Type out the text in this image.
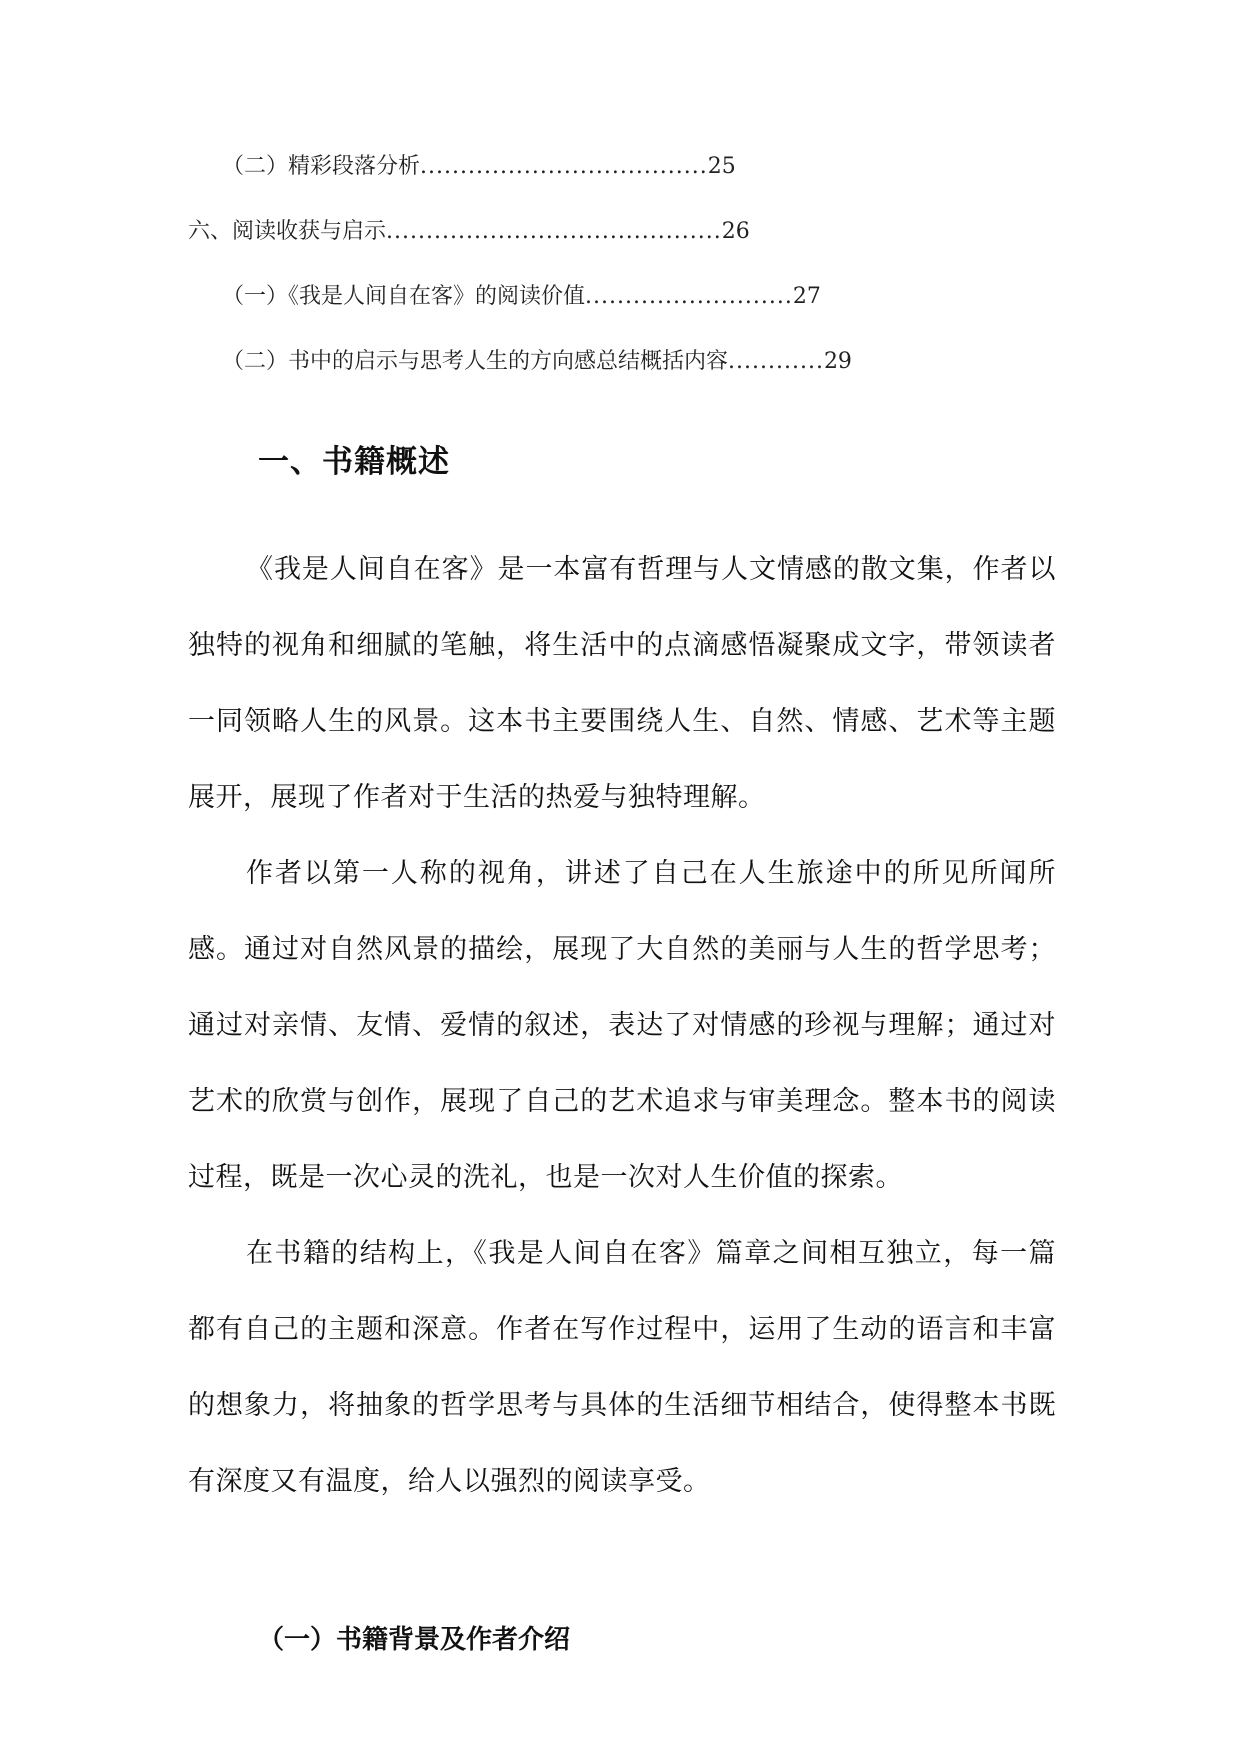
（二）精彩段落分析....................................25
六、阅读收获与启示..........................................26
（一）《我是人间自在客》的阅读价值..........................27
（二）书中的启示与思考人生的方向感总结概括内容............29
一、书籍概述

《我是人间自在客》是一本富有哲理与人文情感的散文集，作者以独特的视角和细腻的笔触，将生活中的点滴感悟凝聚成文字，带领读者一同领略人生的风景。这本书主要围绕人生、自然、情感、艺术等主题展开，展现了作者对于生活的热爱与独特理解。

作者以第一人称的视角，讲述了自己在人生旅途中的所见所闻所感。通过对自然风景的描绘，展现了大自然的美丽与人生的哲学思考；通过对亲情、友情、爱情的叙述，表达了对情感的珍视与理解；通过对艺术的欣赏与创作，展现了自己的艺术追求与审美理念。整本书的阅读过程，既是一次心灵的洗礼，也是一次对人生价值的探索。

在书籍的结构上，《我是人间自在客》篇章之间相互独立，每一篇都有自己的主题和深意。作者在写作过程中，运用了生动的语言和丰富的想象力，将抽象的哲学思考与具体的生活细节相结合，使得整本书既有深度又有温度，给人以强烈的阅读享受。

（一）书籍背景及作者介绍
